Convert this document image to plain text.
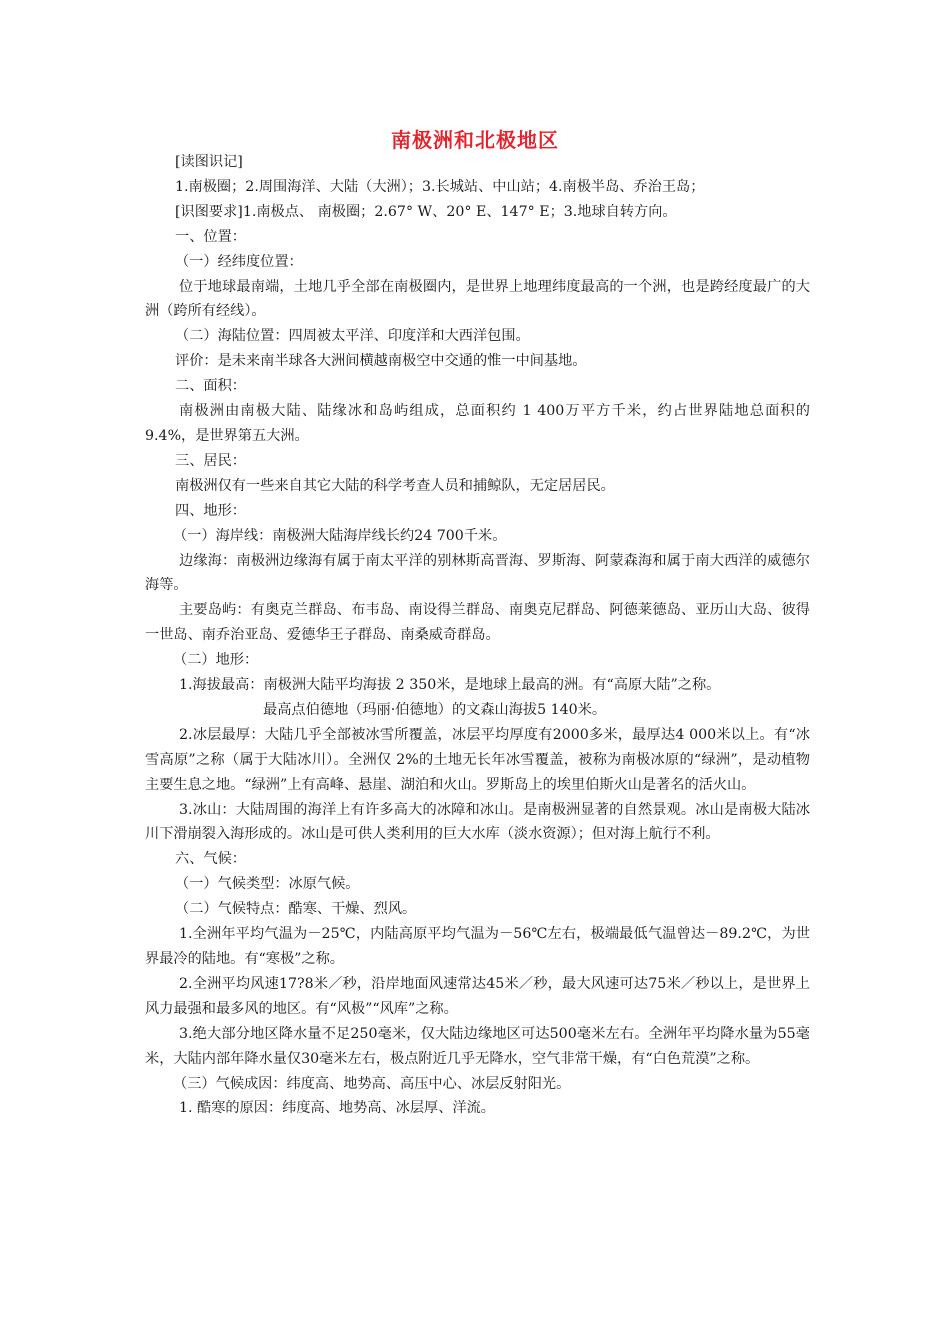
南极洲和北极地区

[读图识记]

1.南极圈；2.周围海洋、大陆（大洲）；3.长城站、中山站；4.南极半岛、乔治王岛；

[识图要求]1.南极点、 南极圈；2.67° W、20° E、147° E；3.地球自转方向。

一、位置：

（一）经纬度位置：

位于地球最南端，土地几乎全部在南极圈内，是世界上地理纬度最高的一个洲，也是跨经度最广的大洲（跨所有经线）。

（二）海陆位置：四周被太平洋、印度洋和大西洋包围。

评价：是未来南半球各大洲间横越南极空中交通的惟一中间基地。

二、面积：

南极洲由南极大陆、陆缘冰和岛屿组成，总面积约 1 400万平方千米，约占世界陆地总面积的9.4%，是世界第五大洲。

三、居民：

南极洲仅有一些来自其它大陆的科学考查人员和捕鲸队，无定居居民。

四、地形：

（一）海岸线：南极洲大陆海岸线长约24 700千米。

边缘海：南极洲边缘海有属于南太平洋的别林斯高晋海、罗斯海、阿蒙森海和属于南大西洋的威德尔海等。

主要岛屿：有奥克兰群岛、布韦岛、南设得兰群岛、南奥克尼群岛、阿德莱德岛、亚历山大岛、彼得一世岛、南乔治亚岛、爱德华王子群岛、南桑威奇群岛。

（二）地形：

1.海拔最高：南极洲大陆平均海拔 2 350米，是地球上最高的洲。有“高原大陆”之称。

最高点伯德地（玛丽·伯德地）的文森山海拔5 140米。

2.冰层最厚：大陆几乎全部被冰雪所覆盖，冰层平均厚度有2000多米，最厚达4 000米以上。有“冰雪高原”之称（属于大陆冰川）。全洲仅 2%的土地无长年冰雪覆盖，被称为南极冰原的“绿洲”，是动植物主要生息之地。“绿洲”上有高峰、悬崖、湖泊和火山。罗斯岛上的埃里伯斯火山是著名的活火山。

3.冰山：大陆周围的海洋上有许多高大的冰障和冰山。是南极洲显著的自然景观。冰山是南极大陆冰川下滑崩裂入海形成的。冰山是可供人类利用的巨大水库（淡水资源）；但对海上航行不利。

六、气候：

（一）气候类型：冰原气候。

（二）气候特点：酷寒、干燥、烈风。

1.全洲年平均气温为－25℃，内陆高原平均气温为－56℃左右，极端最低气温曾达－89.2℃，为世界最冷的陆地。有“寒极”之称。

2.全洲平均风速17?8米／秒，沿岸地面风速常达45米／秒，最大风速可达75米／秒以上，是世界上风力最强和最多风的地区。有“风极”“风库”之称。

3.绝大部分地区降水量不足250毫米，仅大陆边缘地区可达500毫米左右。全洲年平均降水量为55毫米，大陆内部年降水量仅30毫米左右，极点附近几乎无降水，空气非常干燥，有“白色荒漠”之称。

（三）气候成因：纬度高、地势高、高压中心、冰层反射阳光。

1. 酷寒的原因：纬度高、地势高、冰层厚、洋流。
